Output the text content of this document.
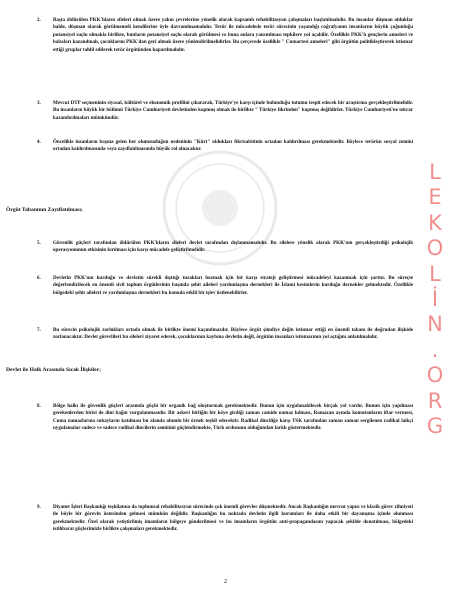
2.	Başta öldürülen PKK'lıların sileleri olmak üzere yakın çevrelerine yönelik olarak kapsamlı rehabilitasyon çalışmaları başlatılmalıdır. Bu insanlar düşman olduklar halde, düşman olarak görülmemeli kendilerine öyle davranılmamalıdır. Terör ile mücadelede terör sürecinin yaşandığı coğrafyanın insanlarını büyük çoğunluğu potansiyel suçlu olmakla birlikte, bunların potansiyel suçlu olarak görülmesi ve buna onlara yansıtılması tepkilere yol açabilir. Özellikle PKK'lı gençlerin anneleri ve babaları kazanılmalı, çocuklarını PKK'dan geri almak üzere yönlendirilmelidirler. Bu çerçevede özellikle " Cumartesi anneleri" gibi örgütün politikleştirerek istismar ettiği gruplar tahlil edilerek terör örgütünden koparılmalıdır.
3.	Mevcut DTP seçmeninin siyasal, kültürel ve ekonomik profilini çıkararak, Türkiye'ye karşı içinde bulunduğu tutumu tespit edecek bir araştırma gerçekleştirilmelidir. Bu insanların büyük bir bölümü Türkiye Cumhuriyeti devletinden kopmuş olmak ile birlikte " Türkiye fikrinden" kopmuş değildirler. Türkiye Cumhuriyeti'ne tekrar kazandırılmaları mümkündür.
4.	Öncelikle insanların başına gelen her olumsuzluğun nedeninin "Kürt" oldukları fikrisabitinin ortadan kaldırılması gerekmektedir. Böylece terörün sosyal zemini ortadan kaldırılmasında veya zayıflatılmasında büyük rol olnacaktır.
Örgüt Tabanının Zayıflatılması;
5.	Güvenlik güçleri tarafından öldürülen PKK'lıların sileleri devlet tarafından dışlanmamalıdır. Bu silelere yönelik olarak PKK'nın gerçekleştirdiği psikolojik operasyonunun etkisinin kırılması için karşı mücadele geliştirilmelidir.
6.	Devletin PKK'nın kurduğu ve devletin sürekli dışttığı tuzakları bozmak için bir karşı strateji geliştirmesi mücadeleyi kazanmak için şarttır. Bu süreçte değerlendirilecek en önemli sivil toplum örgütlerinin başında şehit aileleri yardımlaşma dernekleri ile İslami kesimlerin kurduğu dernekler gelmektedir. Özellikle bölgedeki şehit aileleri ve yardımlaşma dernekleri bu konuda etkili bir işlev üstlenebilirler.
7.	Bu sürecin psikolojik zorlukları ortada olmak ile birlikte önemi kaçınılmazdır. Böylece örgüt şimdiye değin istismar ettiği en önemli tabanı ile doğrudan ilişkide zorlanacaktır. Devlet görevlileri bu sileleri ziyaret ederek, çocuklarının kaybına devletin değil, örgütün insanları istismarının yol açtığını anlatılmalıdır.
Devlet ile Halk Arasında Sıcak İlişkiler;
8.	Bölge halkı ile güvenlik güçleri arasında güçlü bir organik bağ oluşturmak gerekmektedir. Bunun için uygulanabilecek birçok yol vardır. Bunun için yapılması gerekenlerden birisi de dini bağın vurgulanmasıdır. Bir askeri birliğin bir köye girdiği zaman camide namaz kılması, Ramazan ayında komutanların iftar vermesi, Cuma namazlarına subayların katılması bu alanda olumlu bir örnek teşkil edecektir. Radikal dinciliğe karşı TSK tarafından zaman zaman sergilenen radikal laikçi uygulamalar sadece ve sadece radikal dincilerin zeminini güçlendirmekte, Türk ordusunu olduğundan farklı göstermektedir.
9.	Diyanet İşleri Başkanlığı teşkilatına da toplumsal rehabilitasyon sürecinde çok önemli görevler düşmektedir. Ancak Başkanlığın mevcut yapısı ve klasik görev zihniyeti ile böyle bir görevin üstesinden gelmesi mümkün değildir. Başkanlığın bu noktada devletin ilgili kurumları ile daha etkili bir dayanışma içinde olunması gerekmektedir. Özel olarak yetiştirilmiş imamların bölgeye gönderilmesi ve bu imamların örgütün anti-propagandasını yapacak şekilde donatılması, bölgedeki istihbarat güçlerimizle birlikte çalışmaları gerekmektedir.
L
E
K
O
L
İ
N
.
O
R
G
2
